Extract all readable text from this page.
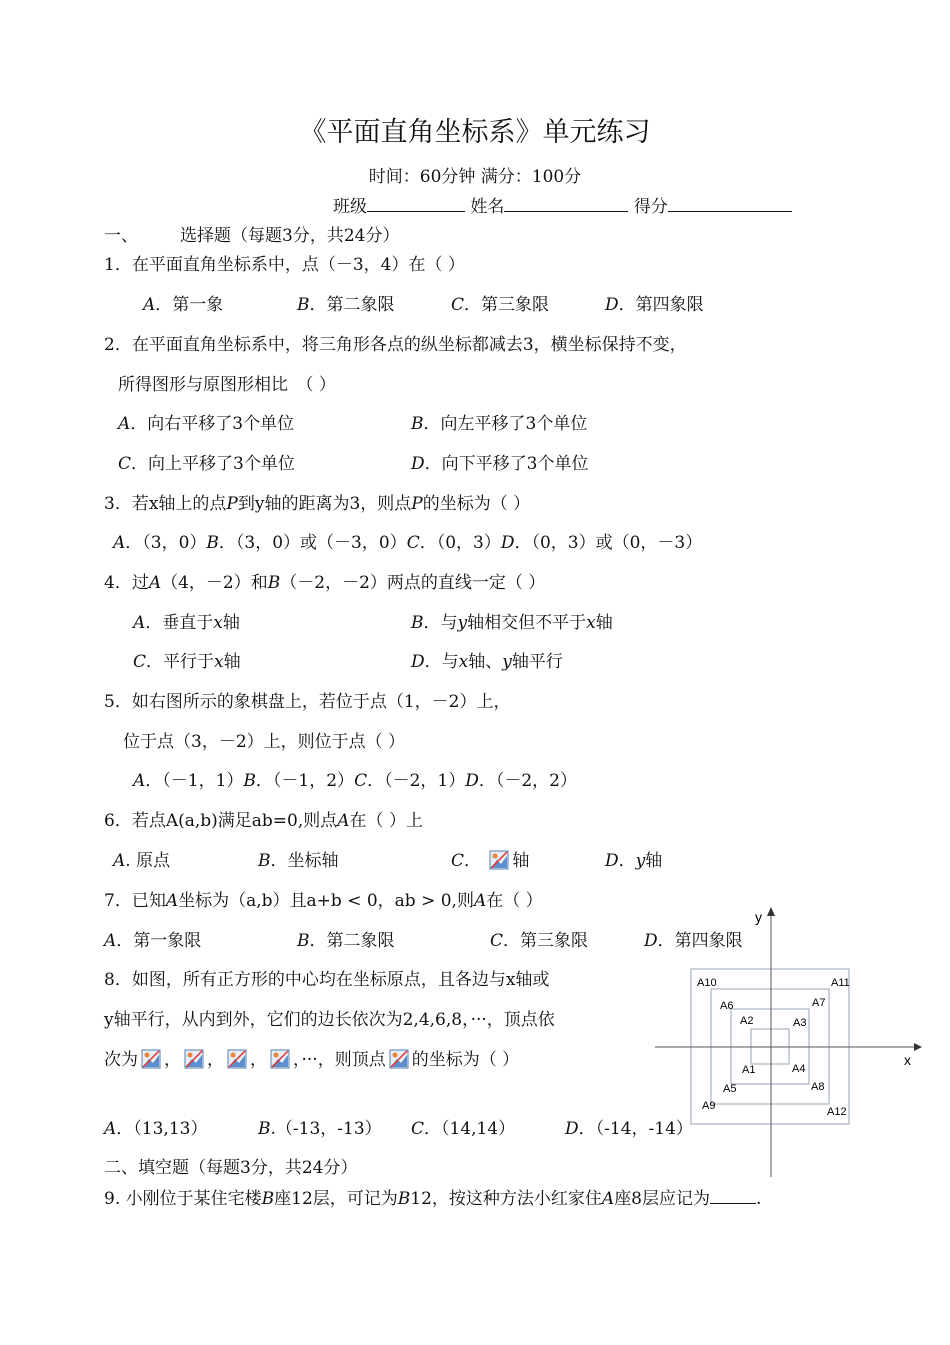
《平面直角坐标系》单元练习
时间：60分钟 满分：100分
班级	姓名	得分
一、 选择题（每题3分，共24分）
1．在平面直角坐标系中，点（－3，4）在（ ）
A．第一象	B．第二象限	C．第三象限	D．第四象限
2．在平面直角坐标系中，将三角形各点的纵坐标都减去3，横坐标保持不变，
所得图形与原图形相比　（ ）
A．向右平移了3个单位	B．向左平移了3个单位
C．向上平移了3个单位	D．向下平移了3个单位
3．若x轴上的点P到y轴的距离为3，则点P的坐标为（ ）
A．（3，0）B．（3，0）或（－3，0）C．（0，3）D．（0，3）或（0，－3）
4．过A（4，－2）和B（－2，－2）两点的直线一定（ ）
A．垂直于x轴	B．与y轴相交但不平于x轴
C．平行于x轴	D．与x轴、y轴平行
5．如右图所示的象棋盘上，若位于点（1，－2）上，
位于点（3，－2）上，则位于点（ ）
A．（－1，1）B．（－1，2）C．（－2，1）D．（－2，2）
6．若点A(a,b)满足ab=0,则点A在（ ）上
A. 原点	B．坐标轴	C． 轴	D．y轴
7．已知A坐标为（a,b）且a+b < 0，ab > 0,则A在（ ）
A．第一象限	B．第二象限	C．第三象限	D．第四象限
8．如图，所有正方形的中心均在坐标原点，且各边与x轴或
y轴平行，从内到外，它们的边长依次为2,4,6,8，···，顶点依
次为 ， ， ， ，···，则顶点 的坐标为（ ）
A．（13,13）	B.（-13，-13） C．（14,14）	D．（-14，-14）
二、填空题（每题3分，共24分）
9. 小刚位于某住宅楼B座12层，可记为B12，按这种方法小红家住A座8层应记为	.
x
y
A1
A2	A3
A4
A5
A6	A7
A8
A9
A10	A11
A12
